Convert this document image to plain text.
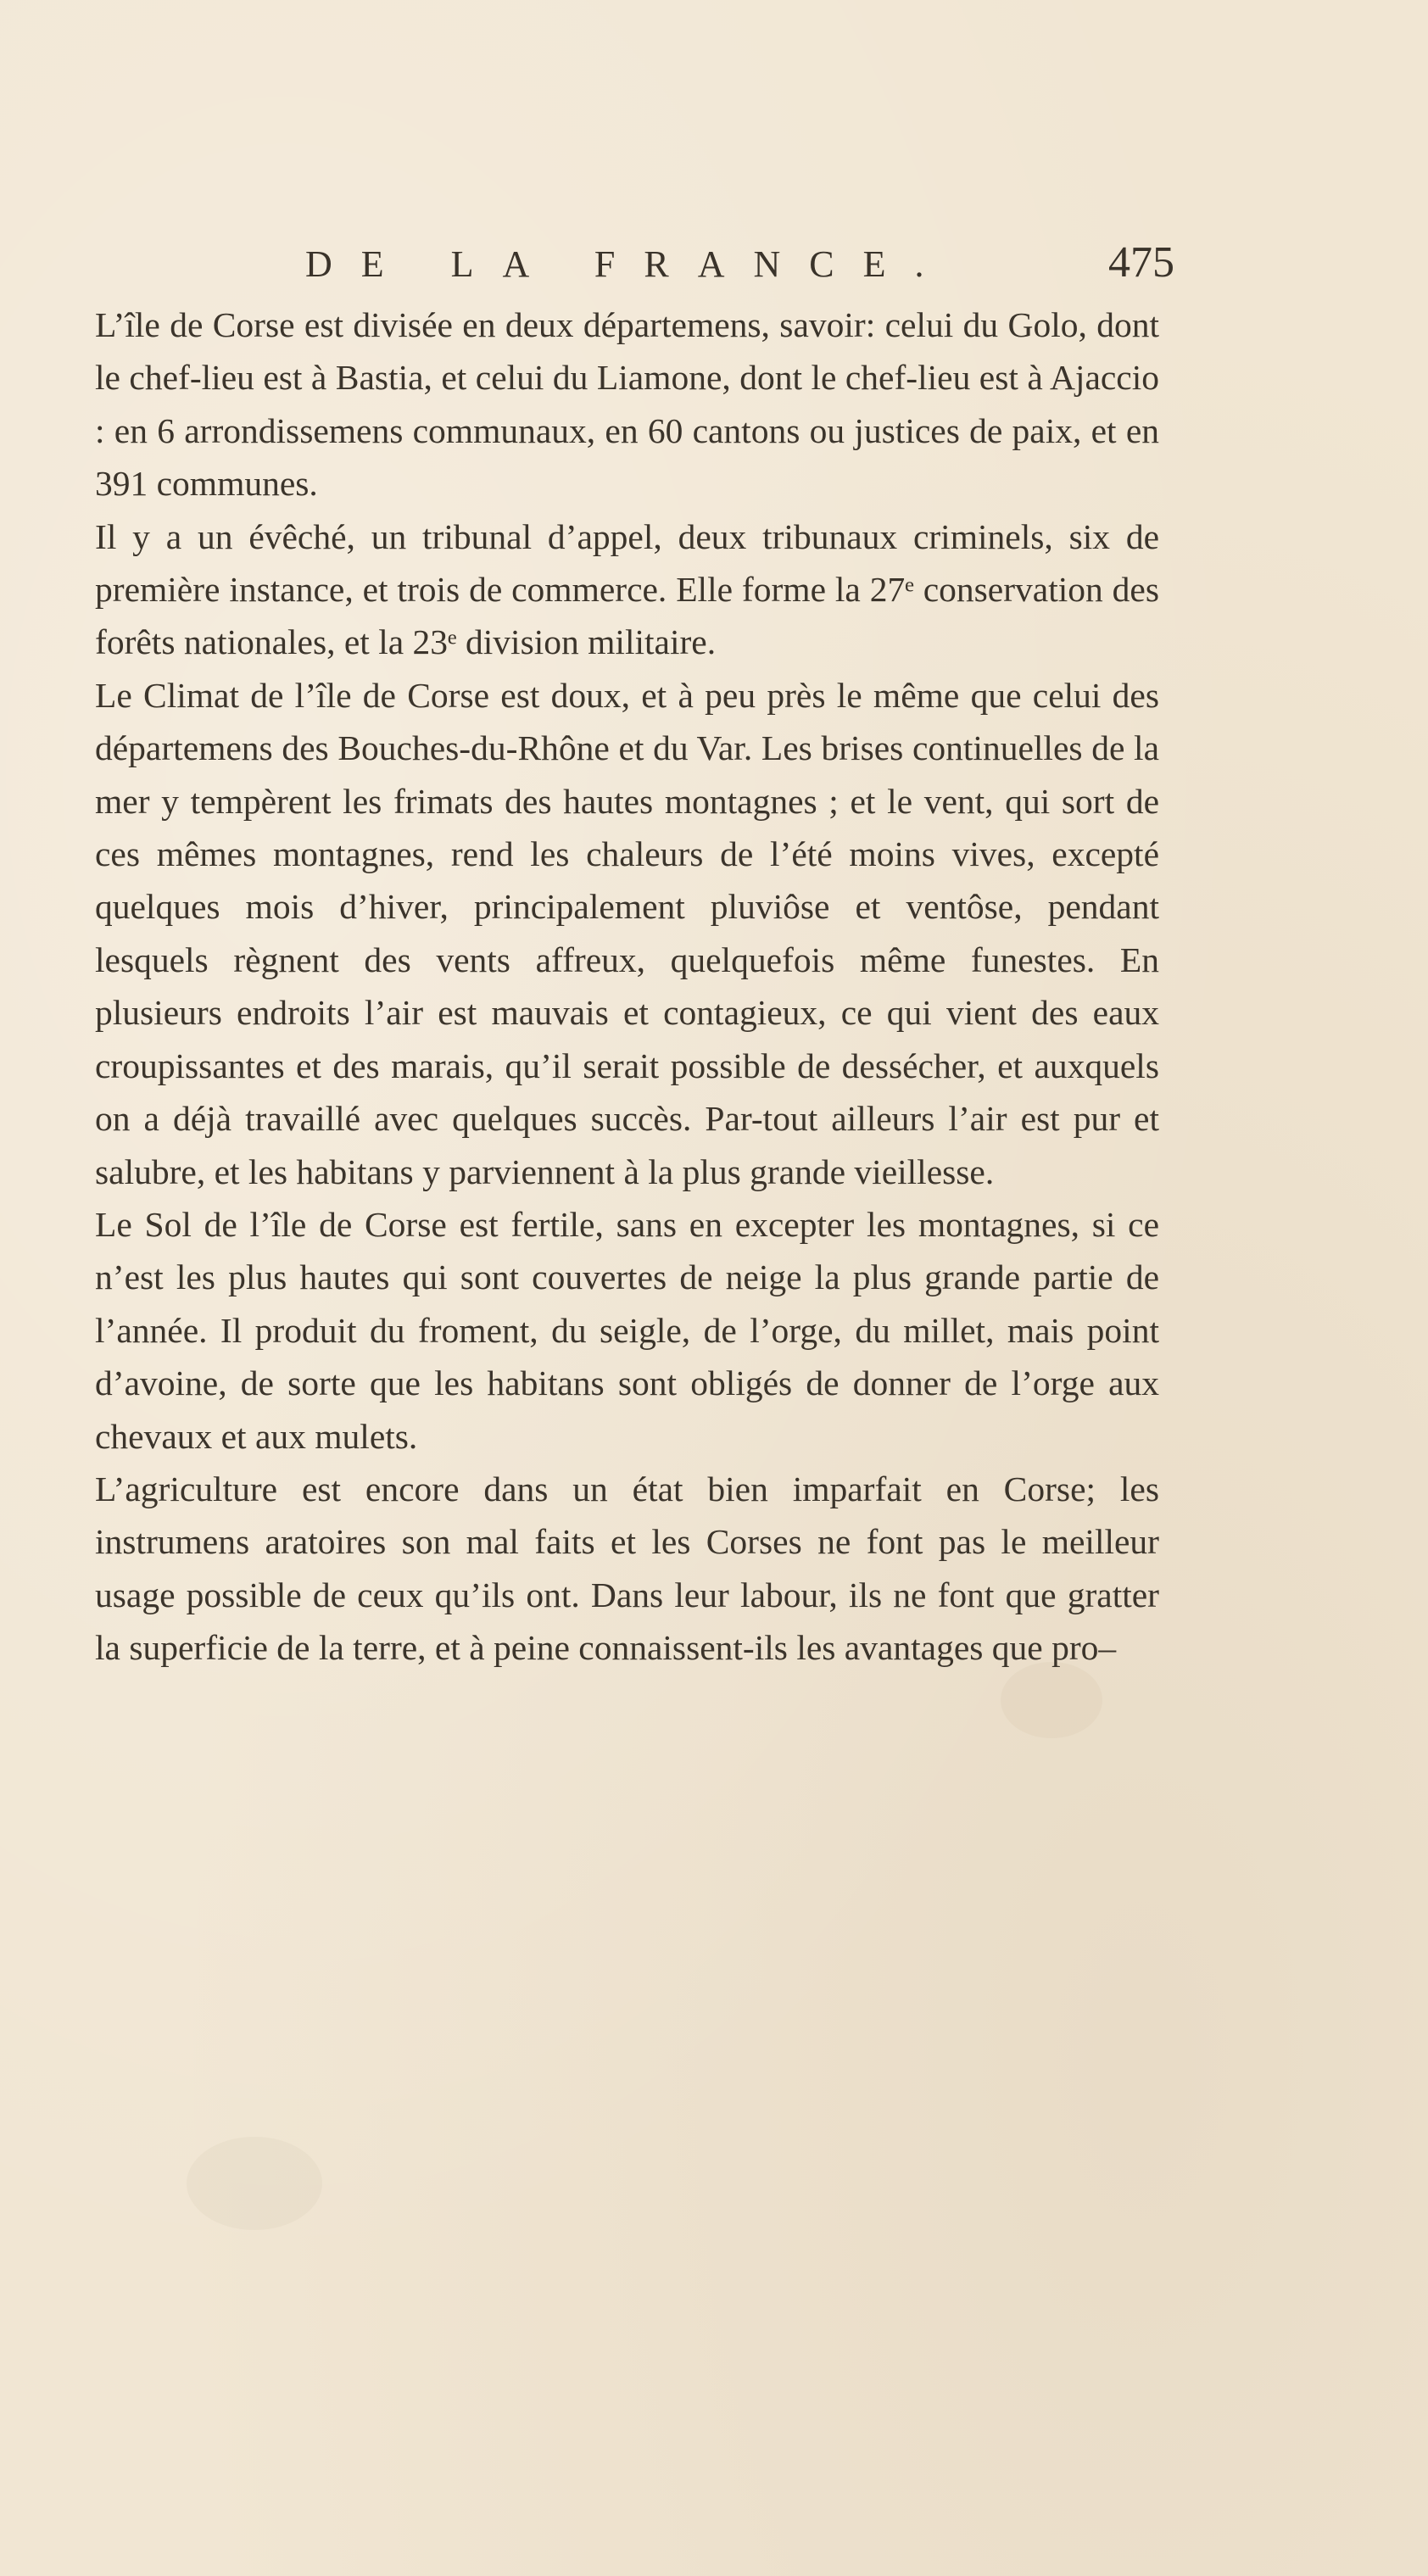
DE LA FRANCE.	475

L’île de Corse est divisée en deux départemens, savoir: celui du Golo, dont le chef-lieu est à Bastia, et celui du Liamone, dont le chef-lieu est à Ajaccio : en 6 arrondissemens communaux, en 60 cantons ou justices de paix, et en 391 communes.

Il y a un évêché, un tribunal d’appel, deux tribunaux criminels, six de première instance, et trois de commerce. Elle forme la 27ᵉ conservation des forêts nationales, et la 23ᵉ division militaire.

Le Climat de l’île de Corse est doux, et à peu près le même que celui des départemens des Bouches-du-Rhône et du Var. Les brises continuelles de la mer y tempèrent les frimats des hautes montagnes ; et le vent, qui sort de ces mêmes montagnes, rend les chaleurs de l’été moins vives, excepté quelques mois d’hiver, principalement pluviôse et ventôse, pendant lesquels règnent des vents affreux, quelquefois même funestes. En plusieurs endroits l’air est mauvais et contagieux, ce qui vient des eaux croupissantes et des marais, qu’il serait possible de dessécher, et auxquels on a déjà travaillé avec quelques succès. Par-tout ailleurs l’air est pur et salubre, et les habitans y parviennent à la plus grande vieillesse.

Le Sol de l’île de Corse est fertile, sans en excepter les montagnes, si ce n’est les plus hautes qui sont couvertes de neige la plus grande partie de l’année. Il produit du froment, du seigle, de l’orge, du millet, mais point d’avoine, de sorte que les habitans sont obligés de donner de l’orge aux chevaux et aux mulets.

L’agriculture est encore dans un état bien imparfait en Corse; les instrumens aratoires son mal faits et les Corses ne font pas le meilleur usage possible de ceux qu’ils ont. Dans leur labour, ils ne font que gratter la superficie de la terre, et à peine connaissent-ils les avantages que pro–
